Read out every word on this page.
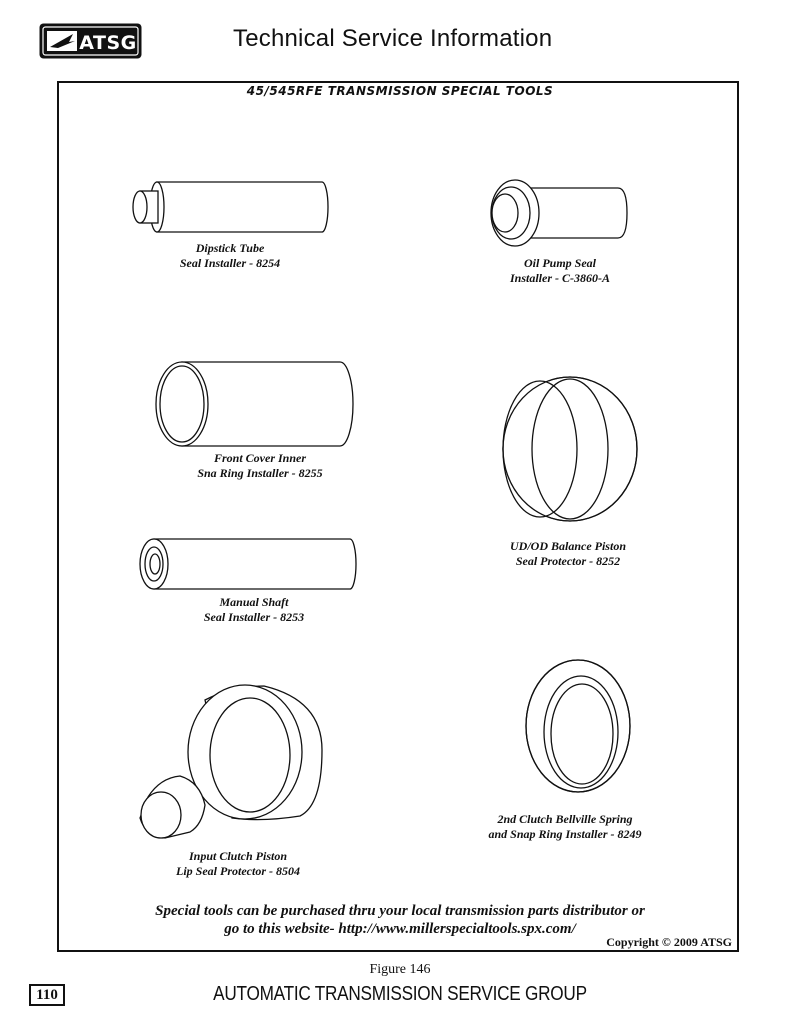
ATSG	Technical Service Information
45/545RFE TRANSMISSION SPECIAL TOOLS
Dipstick Tube
Seal Installer - 8254	Oil Pump Seal
Installer - C-3860-A
Front Cover Inner
Sna Ring Installer - 8255
UD/OD Balance Piston
Seal Protector - 8252
Manual Shaft
Seal Installer - 8253
2nd Clutch Bellville Spring
and Snap Ring Installer - 8249
Input Clutch Piston
Lip Seal Protector - 8504
Special tools can be purchased thru your local transmission parts distributor or
go to this website- http://www.millerspecialtools.spx.com/
Copyright © 2009 ATSG
Figure 146
110	AUTOMATIC TRANSMISSION SERVICE GROUP
